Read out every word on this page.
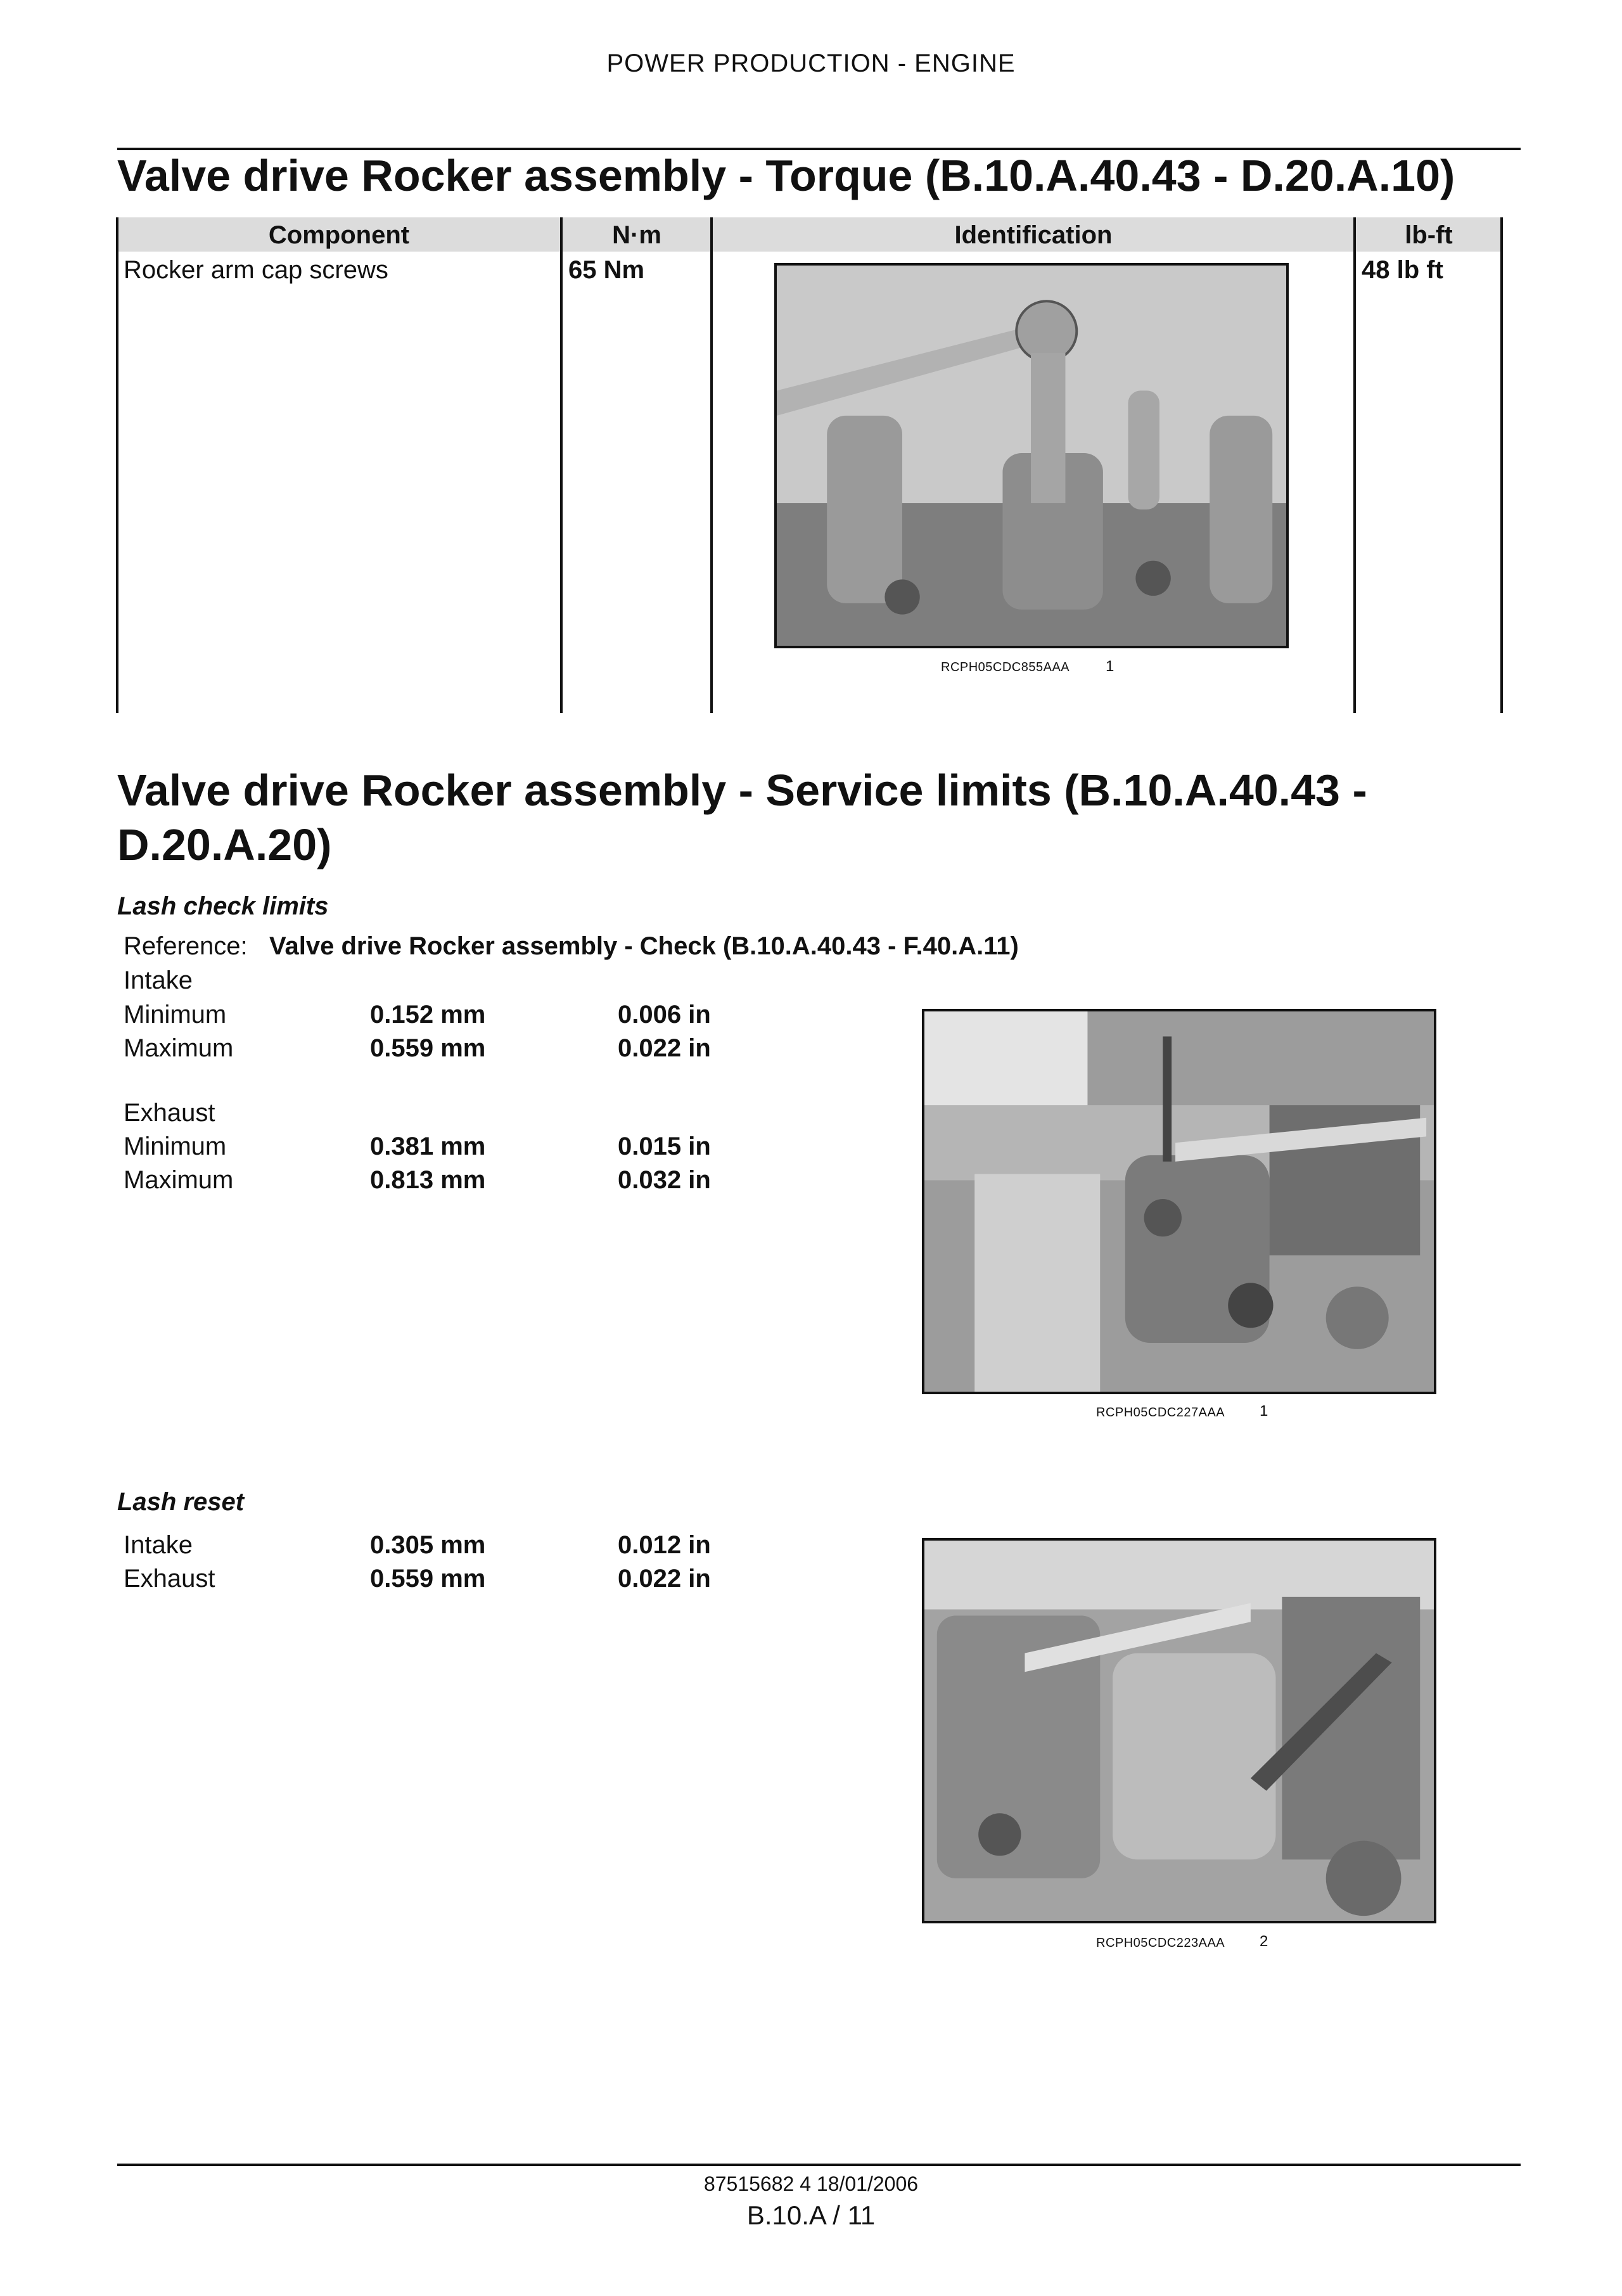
POWER PRODUCTION - ENGINE
Valve drive Rocker assembly - Torque (B.10.A.40.43 - D.20.A.10)
Component	N·m	Identification	lb-ft
Rocker arm cap screws	65 Nm	48 lb ft
RCPH05CDC855AAA 1
Valve drive Rocker assembly - Service limits (B.10.A.40.43 -
D.20.A.20)
Lash check limits
Reference: Valve drive Rocker assembly - Check (B.10.A.40.43 - F.40.A.11)
Intake
Minimum	0.152 mm	0.006 in
Maximum	0.559 mm	0.022 in
Exhaust
Minimum	0.381 mm	0.015 in
Maximum	0.813 mm	0.032 in
RCPH05CDC227AAA 1
Lash reset
Intake	0.305 mm	0.012 in
Exhaust	0.559 mm	0.022 in
RCPH05CDC223AAA 2
87515682 4 18/01/2006
B.10.A / 11
